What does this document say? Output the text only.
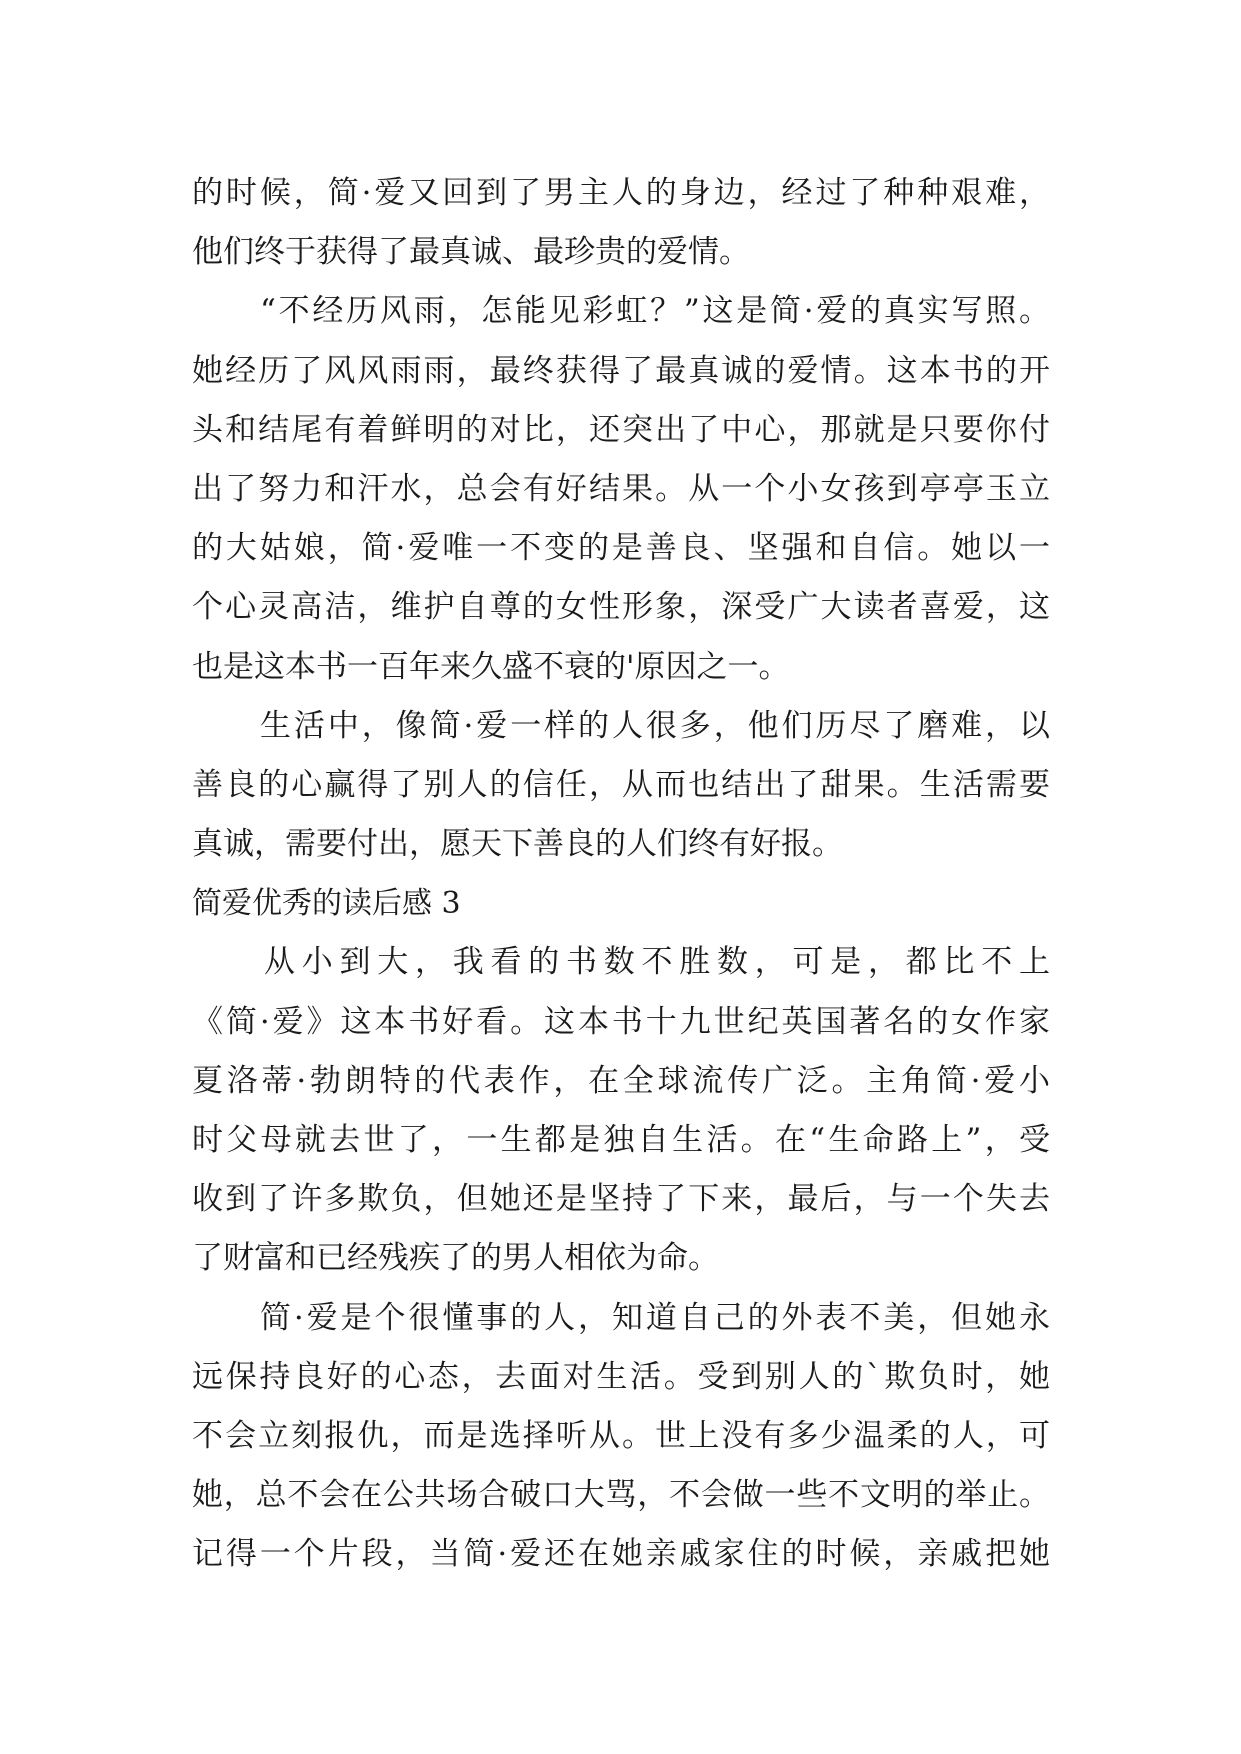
的时候，简·爱又回到了男主人的身边，经过了种种艰难，
他们终于获得了最真诚、最珍贵的爱情。
“不经历风雨，怎能见彩虹？”这是简·爱的真实写照。
她经历了风风雨雨，最终获得了最真诚的爱情。这本书的开
头和结尾有着鲜明的对比，还突出了中心，那就是只要你付
出了努力和汗水，总会有好结果。从一个小女孩到亭亭玉立
的大姑娘，简·爱唯一不变的是善良、坚强和自信。她以一
个心灵高洁，维护自尊的女性形象，深受广大读者喜爱，这
也是这本书一百年来久盛不衰的'原因之一。
生活中，像简·爱一样的人很多，他们历尽了磨难，以
善良的心赢得了别人的信任，从而也结出了甜果。生活需要
真诚，需要付出，愿天下善良的人们终有好报。
简爱优秀的读后感 3
从小到大，我看的书数不胜数，可是，都比不上
《简·爱》这本书好看。这本书十九世纪英国著名的女作家
夏洛蒂·勃朗特的代表作，在全球流传广泛。主角简·爱小
时父母就去世了，一生都是独自生活。在“生命路上”，受
收到了许多欺负，但她还是坚持了下来，最后，与一个失去
了财富和已经残疾了的男人相依为命。
简·爱是个很懂事的人，知道自己的外表不美，但她永
远保持良好的心态，去面对生活。受到别人的`欺负时，她
不会立刻报仇，而是选择听从。世上没有多少温柔的人，可
她，总不会在公共场合破口大骂，不会做一些不文明的举止。
记得一个片段，当简·爱还在她亲戚家住的时候，亲戚把她
